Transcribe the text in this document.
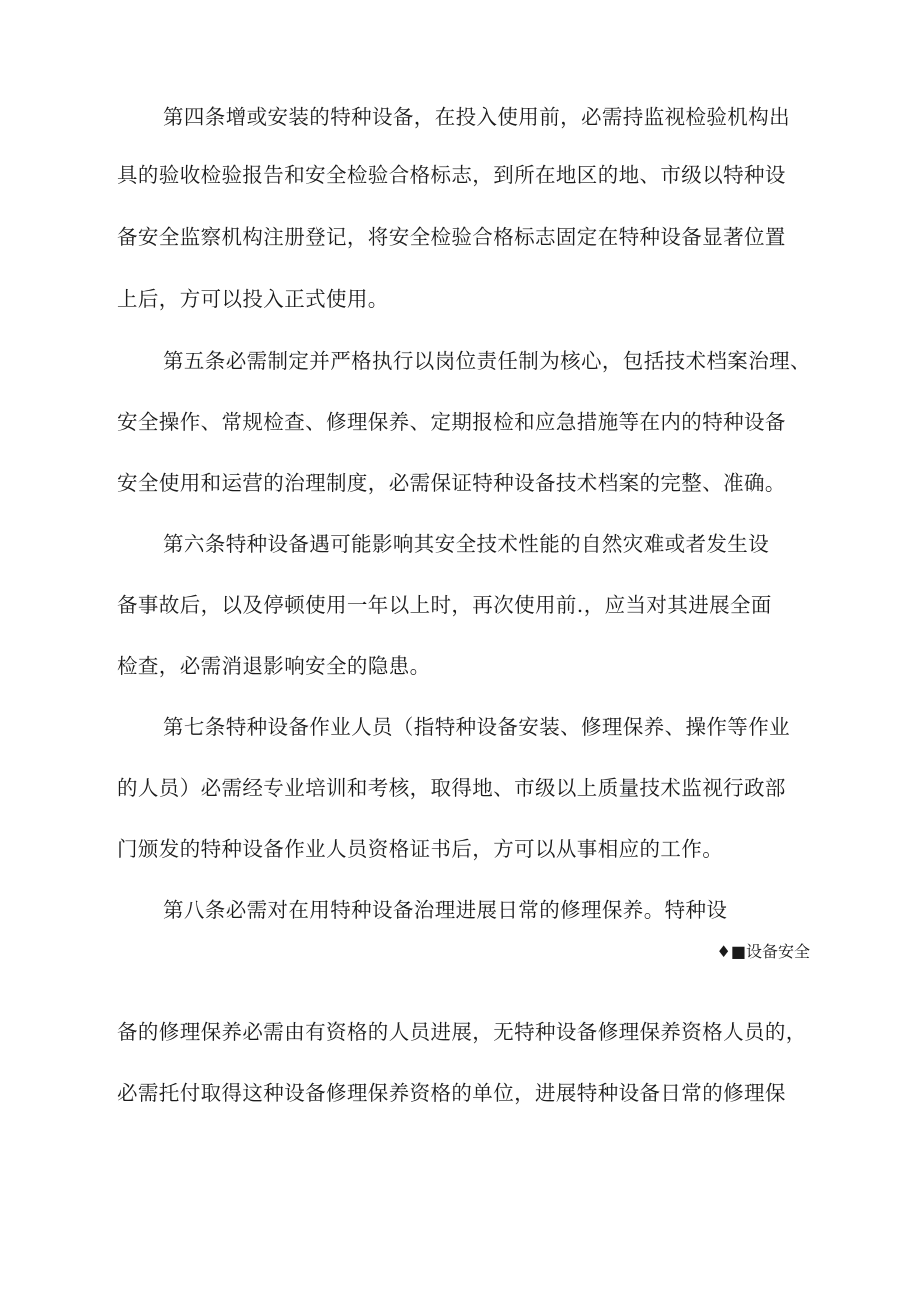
第四条增或安装的特种设备，在投入使用前，必需持监视检验机构出
具的验收检验报告和安全检验合格标志，到所在地区的地、市级以特种设
备安全监察机构注册登记，将安全检验合格标志固定在特种设备显著位置
上后，方可以投入正式使用。
第五条必需制定并严格执行以岗位责任制为核心，包括技术档案治理、
安全操作、常规检查、修理保养、定期报检和应急措施等在内的特种设备
安全使用和运营的治理制度，必需保证特种设备技术档案的完整、准确。
第六条特种设备遇可能影响其安全技术性能的自然灾难或者发生设
备事故后，以及停顿使用一年以上时，再次使用前.，应当对其进展全面
检查，必需消退影响安全的隐患。
第七条特种设备作业人员（指特种设备安装、修理保养、操作等作业
的人员）必需经专业培训和考核，取得地、市级以上质量技术监视行政部
门颁发的特种设备作业人员资格证书后，方可以从事相应的工作。
第八条必需对在用特种设备治理进展日常的修理保养。特种设
♦■设备安全
备的修理保养必需由有资格的人员进展，无特种设备修理保养资格人员的，
必需托付取得这种设备修理保养资格的单位，进展特种设备日常的修理保
